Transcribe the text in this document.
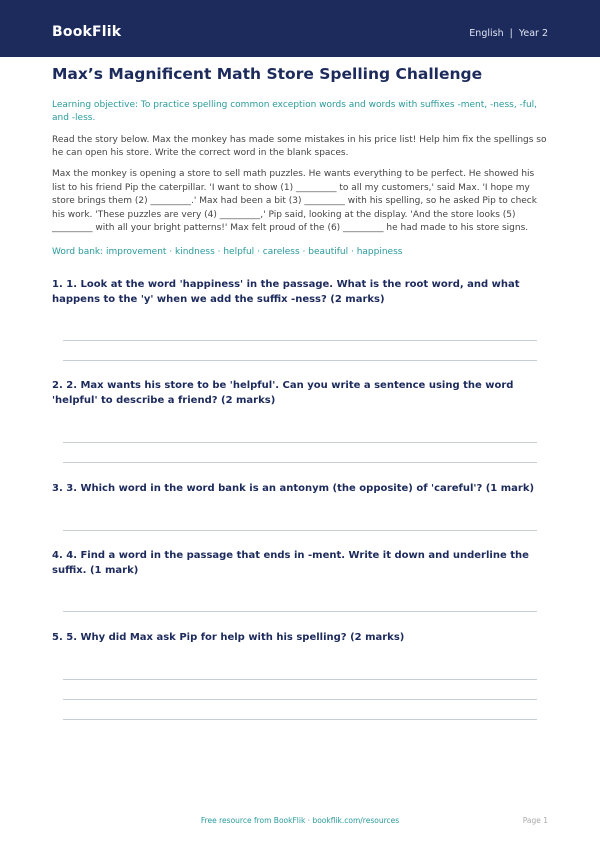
BookFlik	English | Year 2
Max’s Magnificent Math Store Spelling Challenge
Learning objective: To practice spelling common exception words and words with suffixes -ment, -ness, -ful, and -less.
Read the story below. Max the monkey has made some mistakes in his price list! Help him fix the spellings so he can open his store. Write the correct word in the blank spaces.
Max the monkey is opening a store to sell math puzzles. He wants everything to be perfect. He showed his list to his friend Pip the caterpillar. 'I want to show (1) _________ to all my customers,' said Max. 'I hope my store brings them (2) _________.' Max had been a bit (3) _________ with his spelling, so he asked Pip to check his work. 'These puzzles are very (4) _________,' Pip said, looking at the display. 'And the store looks (5) _________ with all your bright patterns!' Max felt proud of the (6) _________ he had made to his store signs.
Word bank: improvement · kindness · helpful · careless · beautiful · happiness
1. 1. Look at the word 'happiness' in the passage. What is the root word, and what happens to the 'y' when we add the suffix -ness? (2 marks)
2. 2. Max wants his store to be 'helpful'. Can you write a sentence using the word 'helpful' to describe a friend? (2 marks)
3. 3. Which word in the word bank is an antonym (the opposite) of 'careful'? (1 mark)
4. 4. Find a word in the passage that ends in -ment. Write it down and underline the suffix. (1 mark)
5. 5. Why did Max ask Pip for help with his spelling? (2 marks)
Free resource from BookFlik · bookflik.com/resources	Page 1
